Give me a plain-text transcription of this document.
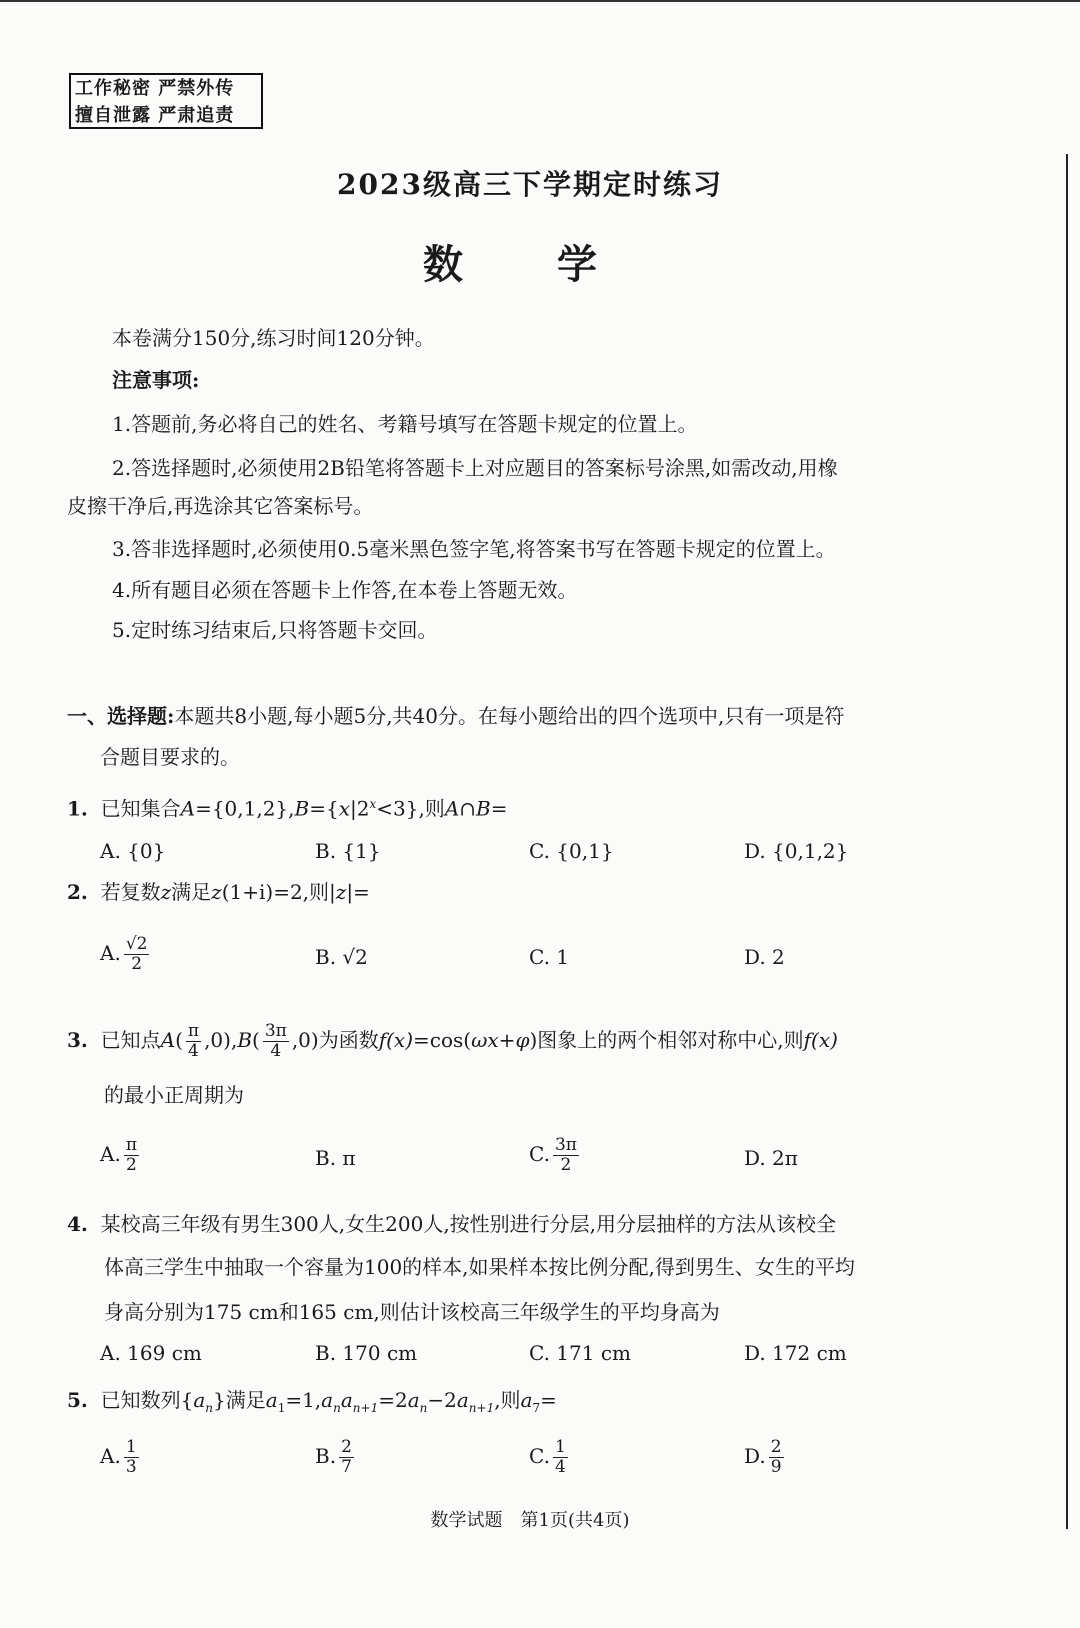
工作秘密 严禁外传
擅自泄露 严肃追责
2023级高三下学期定时练习
数 学
本卷满分150分,练习时间120分钟。
注意事项:
1.答题前,务必将自己的姓名、考籍号填写在答题卡规定的位置上。
2.答选择题时,必须使用2B铅笔将答题卡上对应题目的答案标号涂黑,如需改动,用橡
皮擦干净后,再选涂其它答案标号。
3.答非选择题时,必须使用0.5毫米黑色签字笔,将答案书写在答题卡规定的位置上。
4.所有题目必须在答题卡上作答,在本卷上答题无效。
5.定时练习结束后,只将答题卡交回。
一、选择题:本题共8小题,每小题5分,共40分。在每小题给出的四个选项中,只有一项是符
合题目要求的。
1. 已知集合$A=\{0,1,2\},B=\{x|2^x<3\}$,则A∩B=
A. {0}	B. {1}	C. {0,1}	D. {0,1,2}
2. 若复数z满足z(1+i)=2,则|z|=
A. $\frac{√2}{2}$	B. √2	C. 1	D. 2
3. 已知点$A( \frac{\pi}{4} ,0),B( \frac{3\pi}{4} ,0)$为函数f(x)=cos(ωx+φ)图象上的两个相邻对称中心,则f(x)
的最小正周期为
A. $\frac{\pi}{2}$	B. π	C. $\frac{3\pi}{2}$	D. 2π
4. 某校高三年级有男生300人,女生200人,按性别进行分层,用分层抽样的方法从该校全
体高三学生中抽取一个容量为100的样本,如果样本按比例分配,得到男生、女生的平均
身高分别为175 cm和165 cm,则估计该校高三年级学生的平均身高为
A. 169 cm	B. 170 cm	C. 171 cm	D. 172 cm
5. 已知数列$\{a_n\}$满足$a_1=1,a_na_{n+1}=2a_n-2a_{n+1}$,则$a_7=$
A. $\frac{1}{3}$	B. $\frac{2}{7}$	C. $\frac{1}{4}$	D. $\frac{2}{9}$
数学试题　第1页(共4页)
